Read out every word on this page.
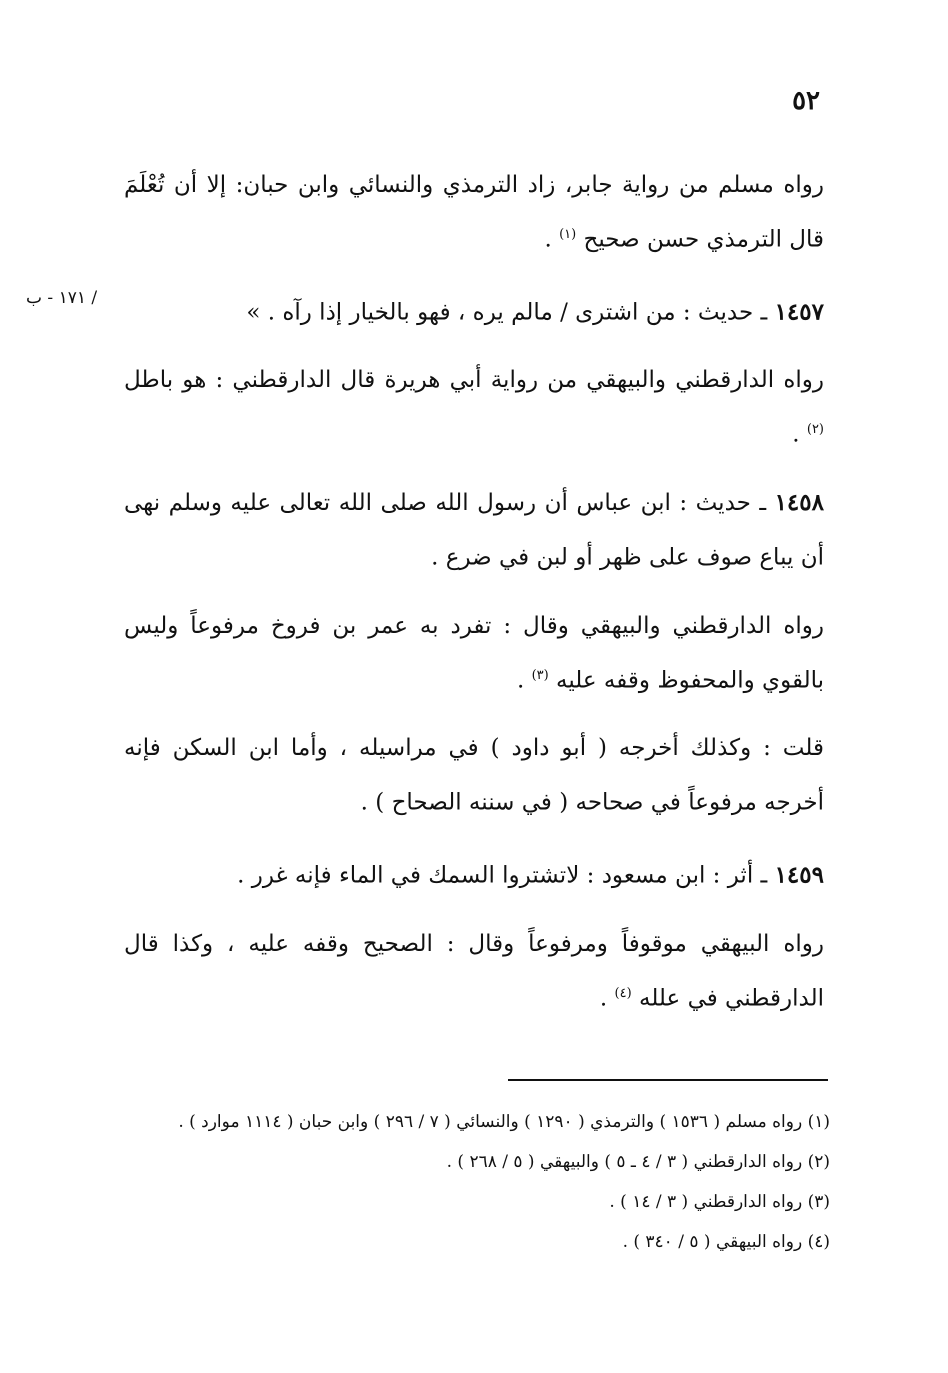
٥٢
/ ١٧١ - ب

رواه مسلم من رواية جابر، زاد الترمذي والنسائي وابن حبان: إلا أن تُعْلَمَ قال الترمذي حسن صحيح $^{(١)}$ .

١٤٥٧ ـ حديث : من اشترى / مالم يره ، فهو بالخيار إذا رآه . »

رواه الدارقطني والبيهقي من رواية أبي هريرة قال الدارقطني : هو باطل $^{(٢)}$ .

١٤٥٨ ـ حديث : ابن عباس أن رسول الله صلى الله تعالى عليه وسلم نهى أن يباع صوف على ظهر أو لبن في ضرع .

رواه الدارقطني والبيهقي وقال : تفرد به عمر بن فروخ مرفوعاً وليس بالقوي والمحفوظ وقفه عليه $^{(٣)}$ .

قلت : وكذلك أخرجه ( أبو داود ) في مراسيله ، وأما ابن السكن فإنه أخرجه مرفوعاً في صحاحه ( في سننه الصحاح ) .

١٤٥٩ ـ أثر : ابن مسعود : لاتشتروا السمك في الماء فإنه غرر .

رواه البيهقي موقوفاً ومرفوعاً وقال : الصحيح وقفه عليه ، وكذا قال الدارقطني في علله $^{(٤)}$ .

(١) رواه مسلم ( ١٥٣٦ ) والترمذي ( ١٢٩٠ ) والنسائي ( ٧ / ٢٩٦ ) وابن حبان ( ١١١٤ موارد ) .

(٢) رواه الدارقطني ( ٣ / ٤ ـ ٥ ) والبيهقي ( ٥ / ٢٦٨ ) .

(٣) رواه الدارقطني ( ٣ / ١٤ ) .

(٤) رواه البيهقي ( ٥ / ٣٤٠ ) .
